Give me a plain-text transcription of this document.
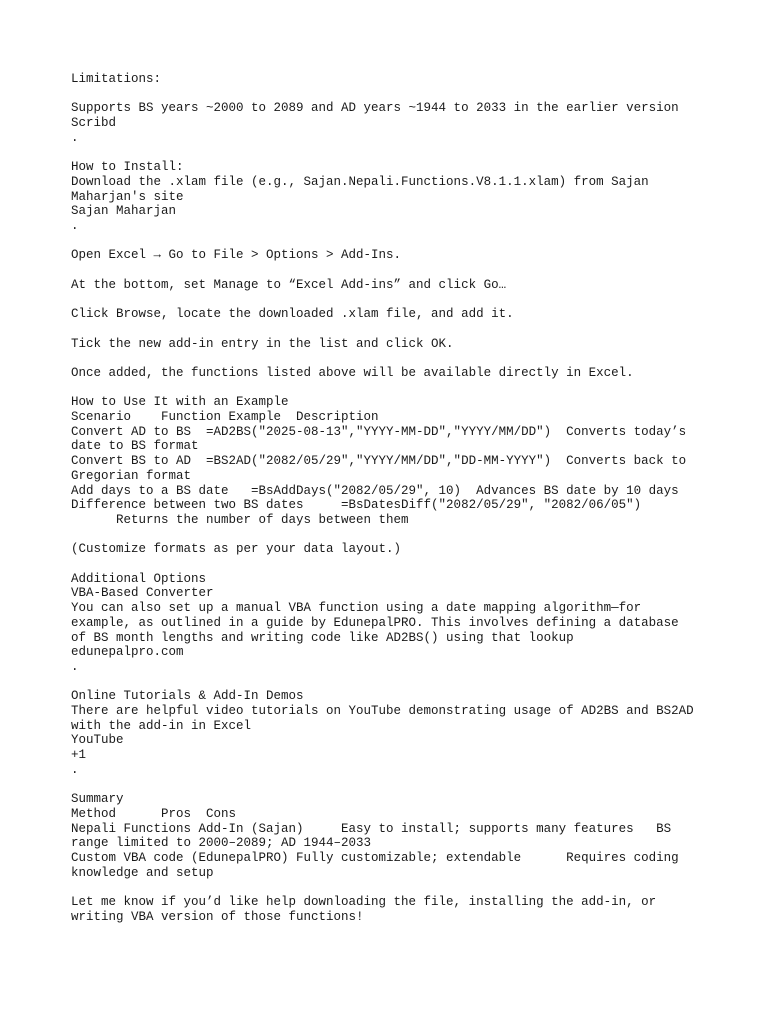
Limitations:
Supports BS years ~2000 to 2089 and AD years ~1944 to 2033 in the earlier version
Scribd
.
How to Install:
Download the .xlam file (e.g., Sajan.Nepali.Functions.V8.1.1.xlam) from Sajan
Maharjan's site
Sajan Maharjan
.
Open Excel → Go to File > Options > Add-Ins.
At the bottom, set Manage to “Excel Add-ins” and click Go…
Click Browse, locate the downloaded .xlam file, and add it.
Tick the new add-in entry in the list and click OK.
Once added, the functions listed above will be available directly in Excel.
How to Use It with an Example
Scenario    Function Example  Description
Convert AD to BS  =AD2BS("2025-08-13","YYYY-MM-DD","YYYY/MM/DD")  Converts today’s
date to BS format
Convert BS to AD  =BS2AD("2082/05/29","YYYY/MM/DD","DD-MM-YYYY")  Converts back to
Gregorian format
Add days to a BS date   =BsAddDays("2082/05/29", 10)  Advances BS date by 10 days
Difference between two BS dates     =BsDatesDiff("2082/05/29", "2082/06/05")
Returns the number of days between them
(Customize formats as per your data layout.)
Additional Options
VBA-Based Converter
You can also set up a manual VBA function using a date mapping algorithm—for
example, as outlined in a guide by EdunepalPRO. This involves defining a database
of BS month lengths and writing code like AD2BS() using that lookup
edunepalpro.com
.
Online Tutorials & Add-In Demos
There are helpful video tutorials on YouTube demonstrating usage of AD2BS and BS2AD
with the add-in in Excel
YouTube
+1
.
Summary
Method      Pros  Cons
Nepali Functions Add-In (Sajan)     Easy to install; supports many features   BS
range limited to 2000–2089; AD 1944–2033
Custom VBA code (EdunepalPRO) Fully customizable; extendable      Requires coding
knowledge and setup
Let me know if you’d like help downloading the file, installing the add-in, or
writing VBA version of those functions!
